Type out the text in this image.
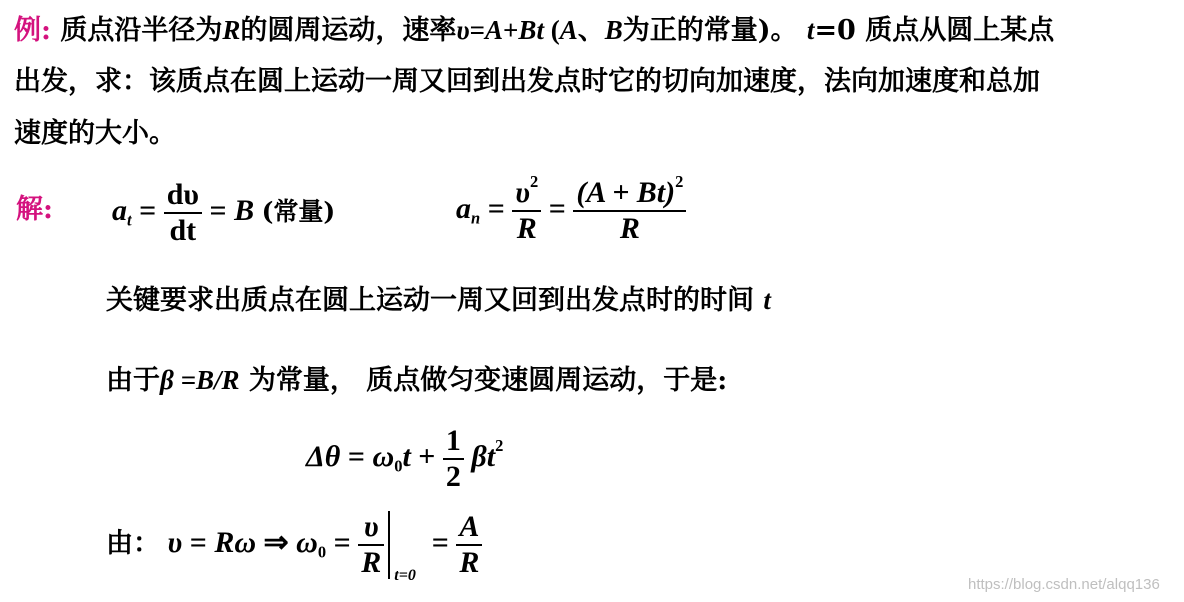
例: 质点沿半径为R的圆周运动，速率υ=A+Bt (A、B为正的常量)。 t=0 质点从圆上某点
出发，求：该质点在圆上运动一周又回到出发点时它的切向加速度，法向加速度和总加
速度的大小。
解: $a_t = \frac{d\upsilon}{dt} = B$ (常量)	$a_n = \frac{\upsilon^2}{R} = \frac{(A + Bt)^2}{R}$
关键要求出质点在圆上运动一周又回到出发点时的时间 t
由于β =B/R 为常量， 质点做匀变速圆周运动，于是:
$\Delta\theta = \omega_0t + \frac{1}{2} \beta t^2$
由： υ = Rω ⇒ $\omega_0 = \frac{\upsilon}{R} t=0$
= $\frac{A}{R}$
https://blog.csdn.net/alqq136
